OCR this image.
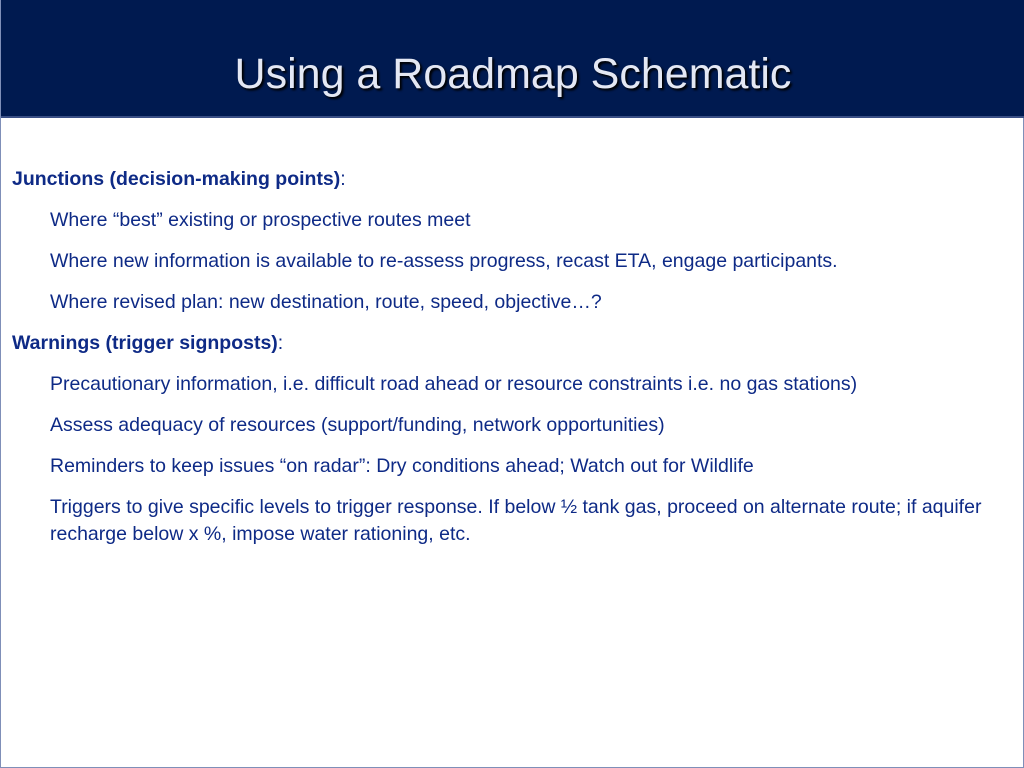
Using a Roadmap Schematic
Junctions (decision-making points):
Where “best” existing or prospective routes meet
Where new information is available to re-assess progress, recast ETA, engage participants.
Where revised plan: new destination, route, speed, objective…?
Warnings (trigger signposts):
Precautionary information, i.e. difficult road ahead or resource constraints i.e. no gas stations)
Assess adequacy of resources (support/funding, network opportunities)
Reminders to keep issues “on radar”: Dry conditions ahead; Watch out for Wildlife
Triggers to give specific levels to trigger response. If below ½ tank gas, proceed on alternate route; if aquifer recharge below x %, impose water rationing, etc.
